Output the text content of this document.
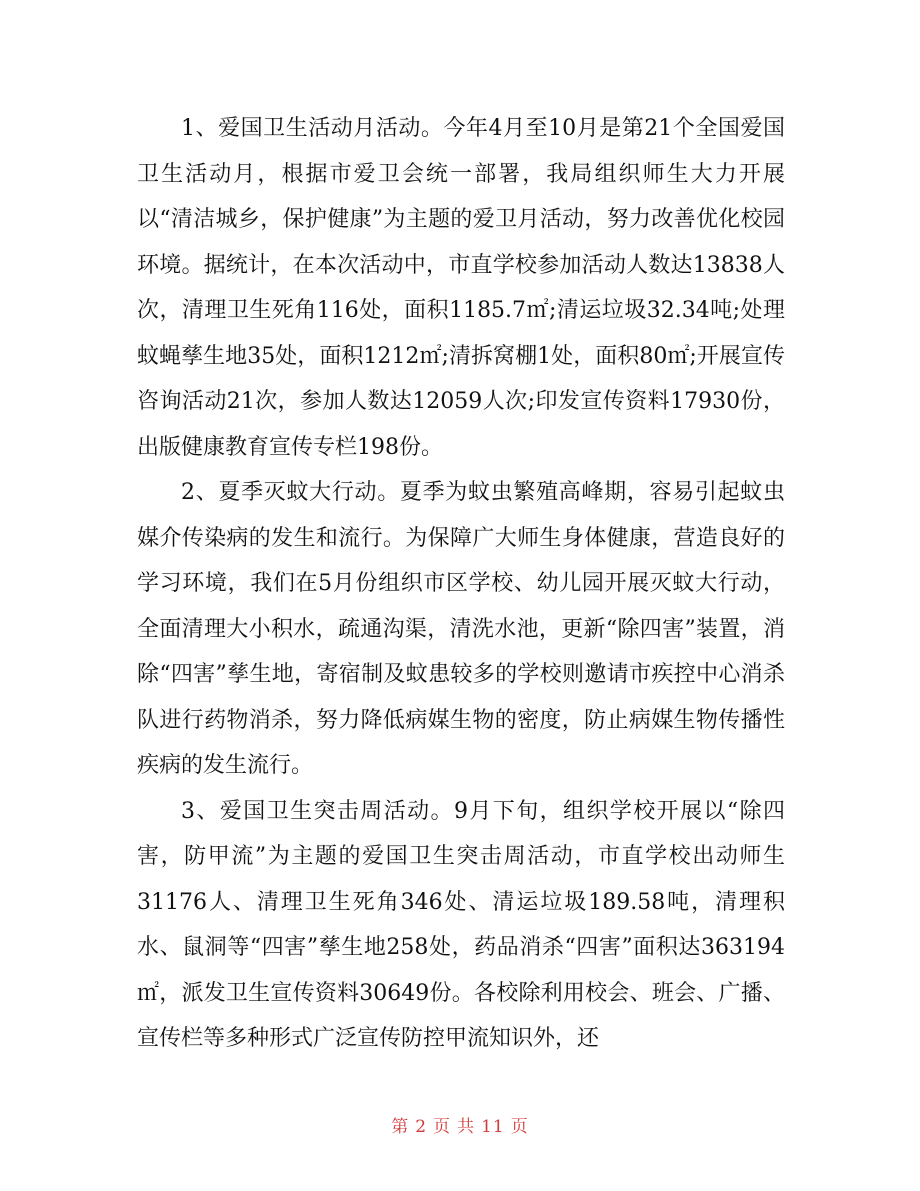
1、爱国卫生活动月活动。今年4月至10月是第21个全国爱国卫生活动月，根据市爱卫会统一部署，我局组织师生大力开展以“清洁城乡，保护健康”为主题的爱卫月活动，努力改善优化校园环境。据统计，在本次活动中，市直学校参加活动人数达13838人次，清理卫生死角116处，面积1185.7㎡;清运垃圾32.34吨;处理蚊蝇孳生地35处，面积1212㎡;清拆窝棚1处，面积80㎡;开展宣传咨询活动21次，参加人数达12059人次;印发宣传资料17930份，出版健康教育宣传专栏198份。

2、夏季灭蚊大行动。夏季为蚊虫繁殖高峰期，容易引起蚊虫媒介传染病的发生和流行。为保障广大师生身体健康，营造良好的学习环境，我们在5月份组织市区学校、幼儿园开展灭蚊大行动，全面清理大小积水，疏通沟渠，清洗水池，更新“除四害”装置，消除“四害”孳生地，寄宿制及蚊患较多的学校则邀请市疾控中心消杀队进行药物消杀，努力降低病媒生物的密度，防止病媒生物传播性疾病的发生流行。

3、爱国卫生突击周活动。9月下旬，组织学校开展以“除四害，防甲流”为主题的爱国卫生突击周活动，市直学校出动师生31176人、清理卫生死角346处、清运垃圾189.58吨，清理积水、鼠洞等“四害”孳生地258处，药品消杀“四害”面积达363194㎡，派发卫生宣传资料30649份。各校除利用校会、班会、广播、宣传栏等多种形式广泛宣传防控甲流知识外，还

第 2 页 共 11 页
